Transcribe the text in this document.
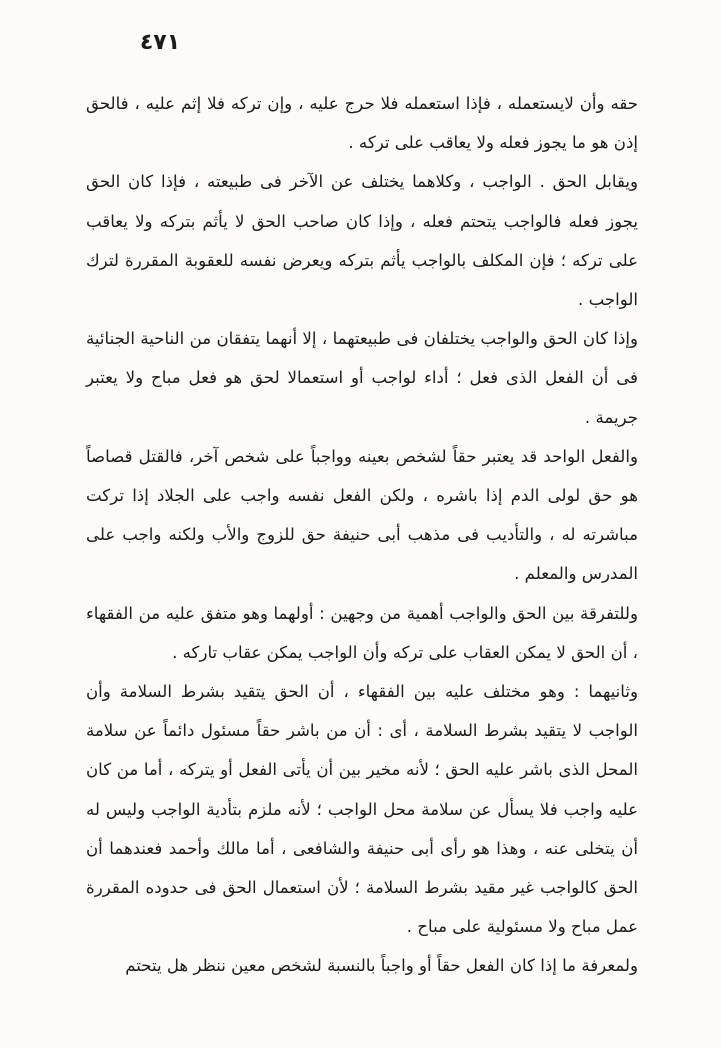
٤٧١

حقه وأن لايستعمله ، فإذا استعمله فلا حرج عليه ، وإن تركه فلا إثم عليه ، فالحق إذن هو ما يجوز فعله ولا يعاقب على تركه .

ويقابل الحق . الواجب ، وكلاهما يختلف عن الآخر فى طبيعته ، فإذا كان الحق يجوز فعله فالواجب يتحتم فعله ، وإذا كان صاحب الحق لا يأثم بتركه ولا يعاقب على تركه ؛ فإن المكلف بالواجب يأثم بتركه ويعرض نفسه للعقوبة المقررة لترك الواجب .

وإذا كان الحق والواجب يختلفان فى طبيعتهما ، إلا أنهما يتفقان من الناحية الجنائية فى أن الفعل الذى فعل ؛ أداء لواجب أو استعمالا لحق هو فعل مباح ولا يعتبر جريمة .

والفعل الواحد قد يعتبر حقاً لشخص بعينه وواجباً على شخص آخر، فالقتل قصاصاً هو حق لولى الدم إذا باشره ، ولكن الفعل نفسه واجب على الجلاد إذا تركت مباشرته له ، والتأديب فى مذهب أبى حنيفة حق للزوج والأب ولكنه واجب على المدرس والمعلم .

وللتفرقة بين الحق والواجب أهمية من وجهين : أولهما وهو متفق عليه من الفقهاء ، أن الحق لا يمكن العقاب على تركه وأن الواجب يمكن عقاب تاركه .

وثانيهما : وهو مختلف عليه بين الفقهاء ، أن الحق يتقيد بشرط السلامة وأن الواجب لا يتقيد بشرط السلامة ، أى : أن من باشر حقاً مسئول دائماً عن سلامة المحل الذى باشر عليه الحق ؛ لأنه مخير بين أن يأتى الفعل أو يتركه ، أما من كان عليه واجب فلا يسأل عن سلامة محل الواجب ؛ لأنه ملزم بتأدية الواجب وليس له أن يتخلى عنه ، وهذا هو رأى أبى حنيفة والشافعى ، أما مالك وأحمد فعندهما أن الحق كالواجب غير مقيد بشرط السلامة ؛ لأن استعمال الحق فى حدوده المقررة عمل مباح ولا مسئولية على مباح .

ولمعرفة ما إذا كان الفعل حقاً أو واجباً بالنسبة لشخص معين ننظر هل يتحتم
